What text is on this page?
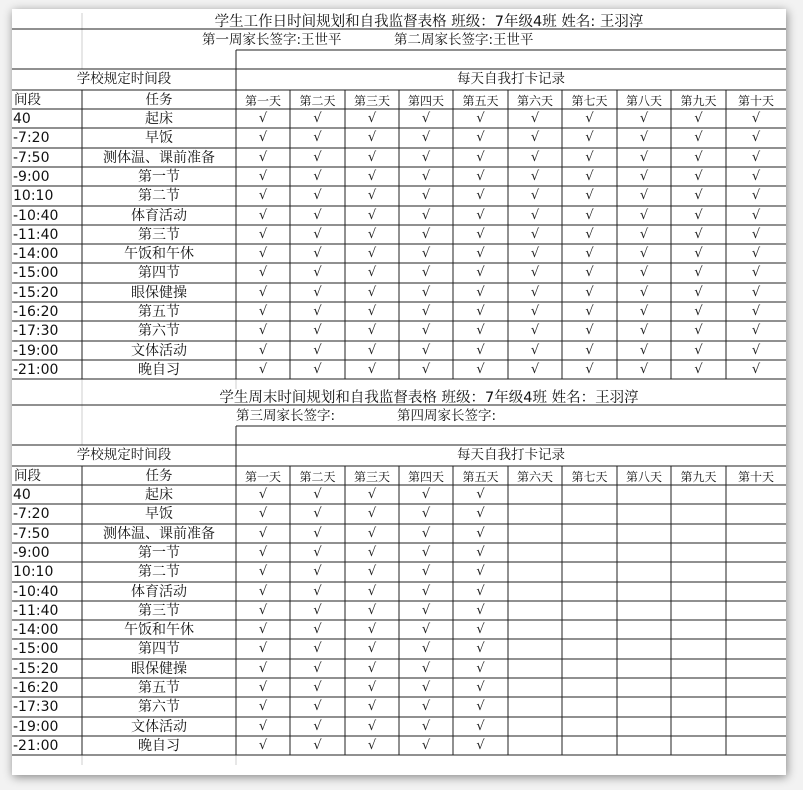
学生工作日时间规划和自我监督表格 班级：7年级4班 姓名: 王羽淳
第一周家长签字:王世平	第二周家长签字:王世平
学校规定时间段	每天自我打卡记录
间段	任务	第一天	第二天	第三天	第四天	第五天	第六天	第七天	第八天	第九天	第十天
40	起床	√	√	√	√	√	√	√	√	√	√
-7:20	早饭	√	√	√	√	√	√	√	√	√	√
-7:50	测体温、课前准备	√	√	√	√	√	√	√	√	√	√
-9:00	第一节	√	√	√	√	√	√	√	√	√	√
10:10	第二节	√	√	√	√	√	√	√	√	√	√
-10:40	体育活动	√	√	√	√	√	√	√	√	√	√
-11:40	第三节	√	√	√	√	√	√	√	√	√	√
-14:00	午饭和午休	√	√	√	√	√	√	√	√	√	√
-15:00	第四节	√	√	√	√	√	√	√	√	√	√
-15:20	眼保健操	√	√	√	√	√	√	√	√	√	√
-16:20	第五节	√	√	√	√	√	√	√	√	√	√
-17:30	第六节	√	√	√	√	√	√	√	√	√	√
-19:00	文体活动	√	√	√	√	√	√	√	√	√	√
-21:00	晚自习	√	√	√	√	√	√	√	√	√	√
学生周末时间规划和自我监督表格 班级：7年级4班 姓名：王羽淳
第三周家长签字:	第四周家长签字:
学校规定时间段	每天自我打卡记录
间段	任务	第一天	第二天	第三天	第四天	第五天	第六天	第七天	第八天	第九天	第十天
40	起床	√	√	√	√	√
-7:20	早饭	√	√	√	√	√
-7:50	测体温、课前准备	√	√	√	√	√
-9:00	第一节	√	√	√	√	√
10:10	第二节	√	√	√	√	√
-10:40	体育活动	√	√	√	√	√
-11:40	第三节	√	√	√	√	√
-14:00	午饭和午休	√	√	√	√	√
-15:00	第四节	√	√	√	√	√
-15:20	眼保健操	√	√	√	√	√
-16:20	第五节	√	√	√	√	√
-17:30	第六节	√	√	√	√	√
-19:00	文体活动	√	√	√	√	√
-21:00	晚自习	√	√	√	√	√
